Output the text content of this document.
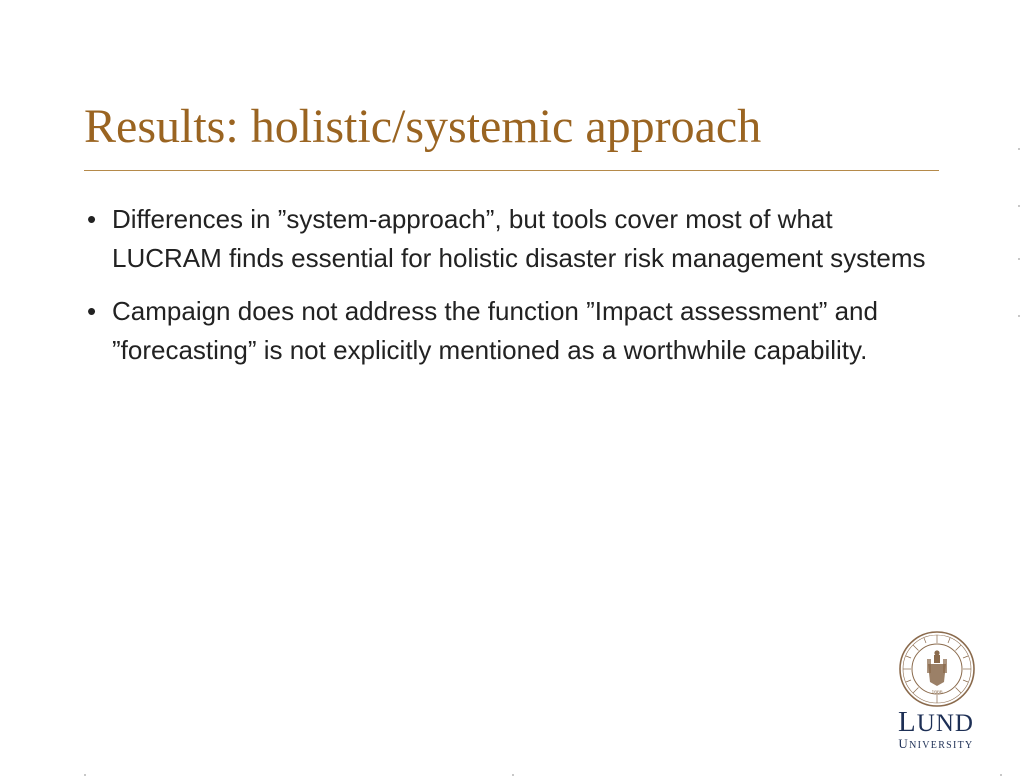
Results: holistic/systemic approach
• Differences in ”system-approach”, but tools cover most of what LUCRAM finds essential for holistic disaster risk management systems
• Campaign does not address the function ”Impact assessment” and ”forecasting” is not explicitly mentioned as a worthwhile capability.
1666
LUND
UNIVERSITY
